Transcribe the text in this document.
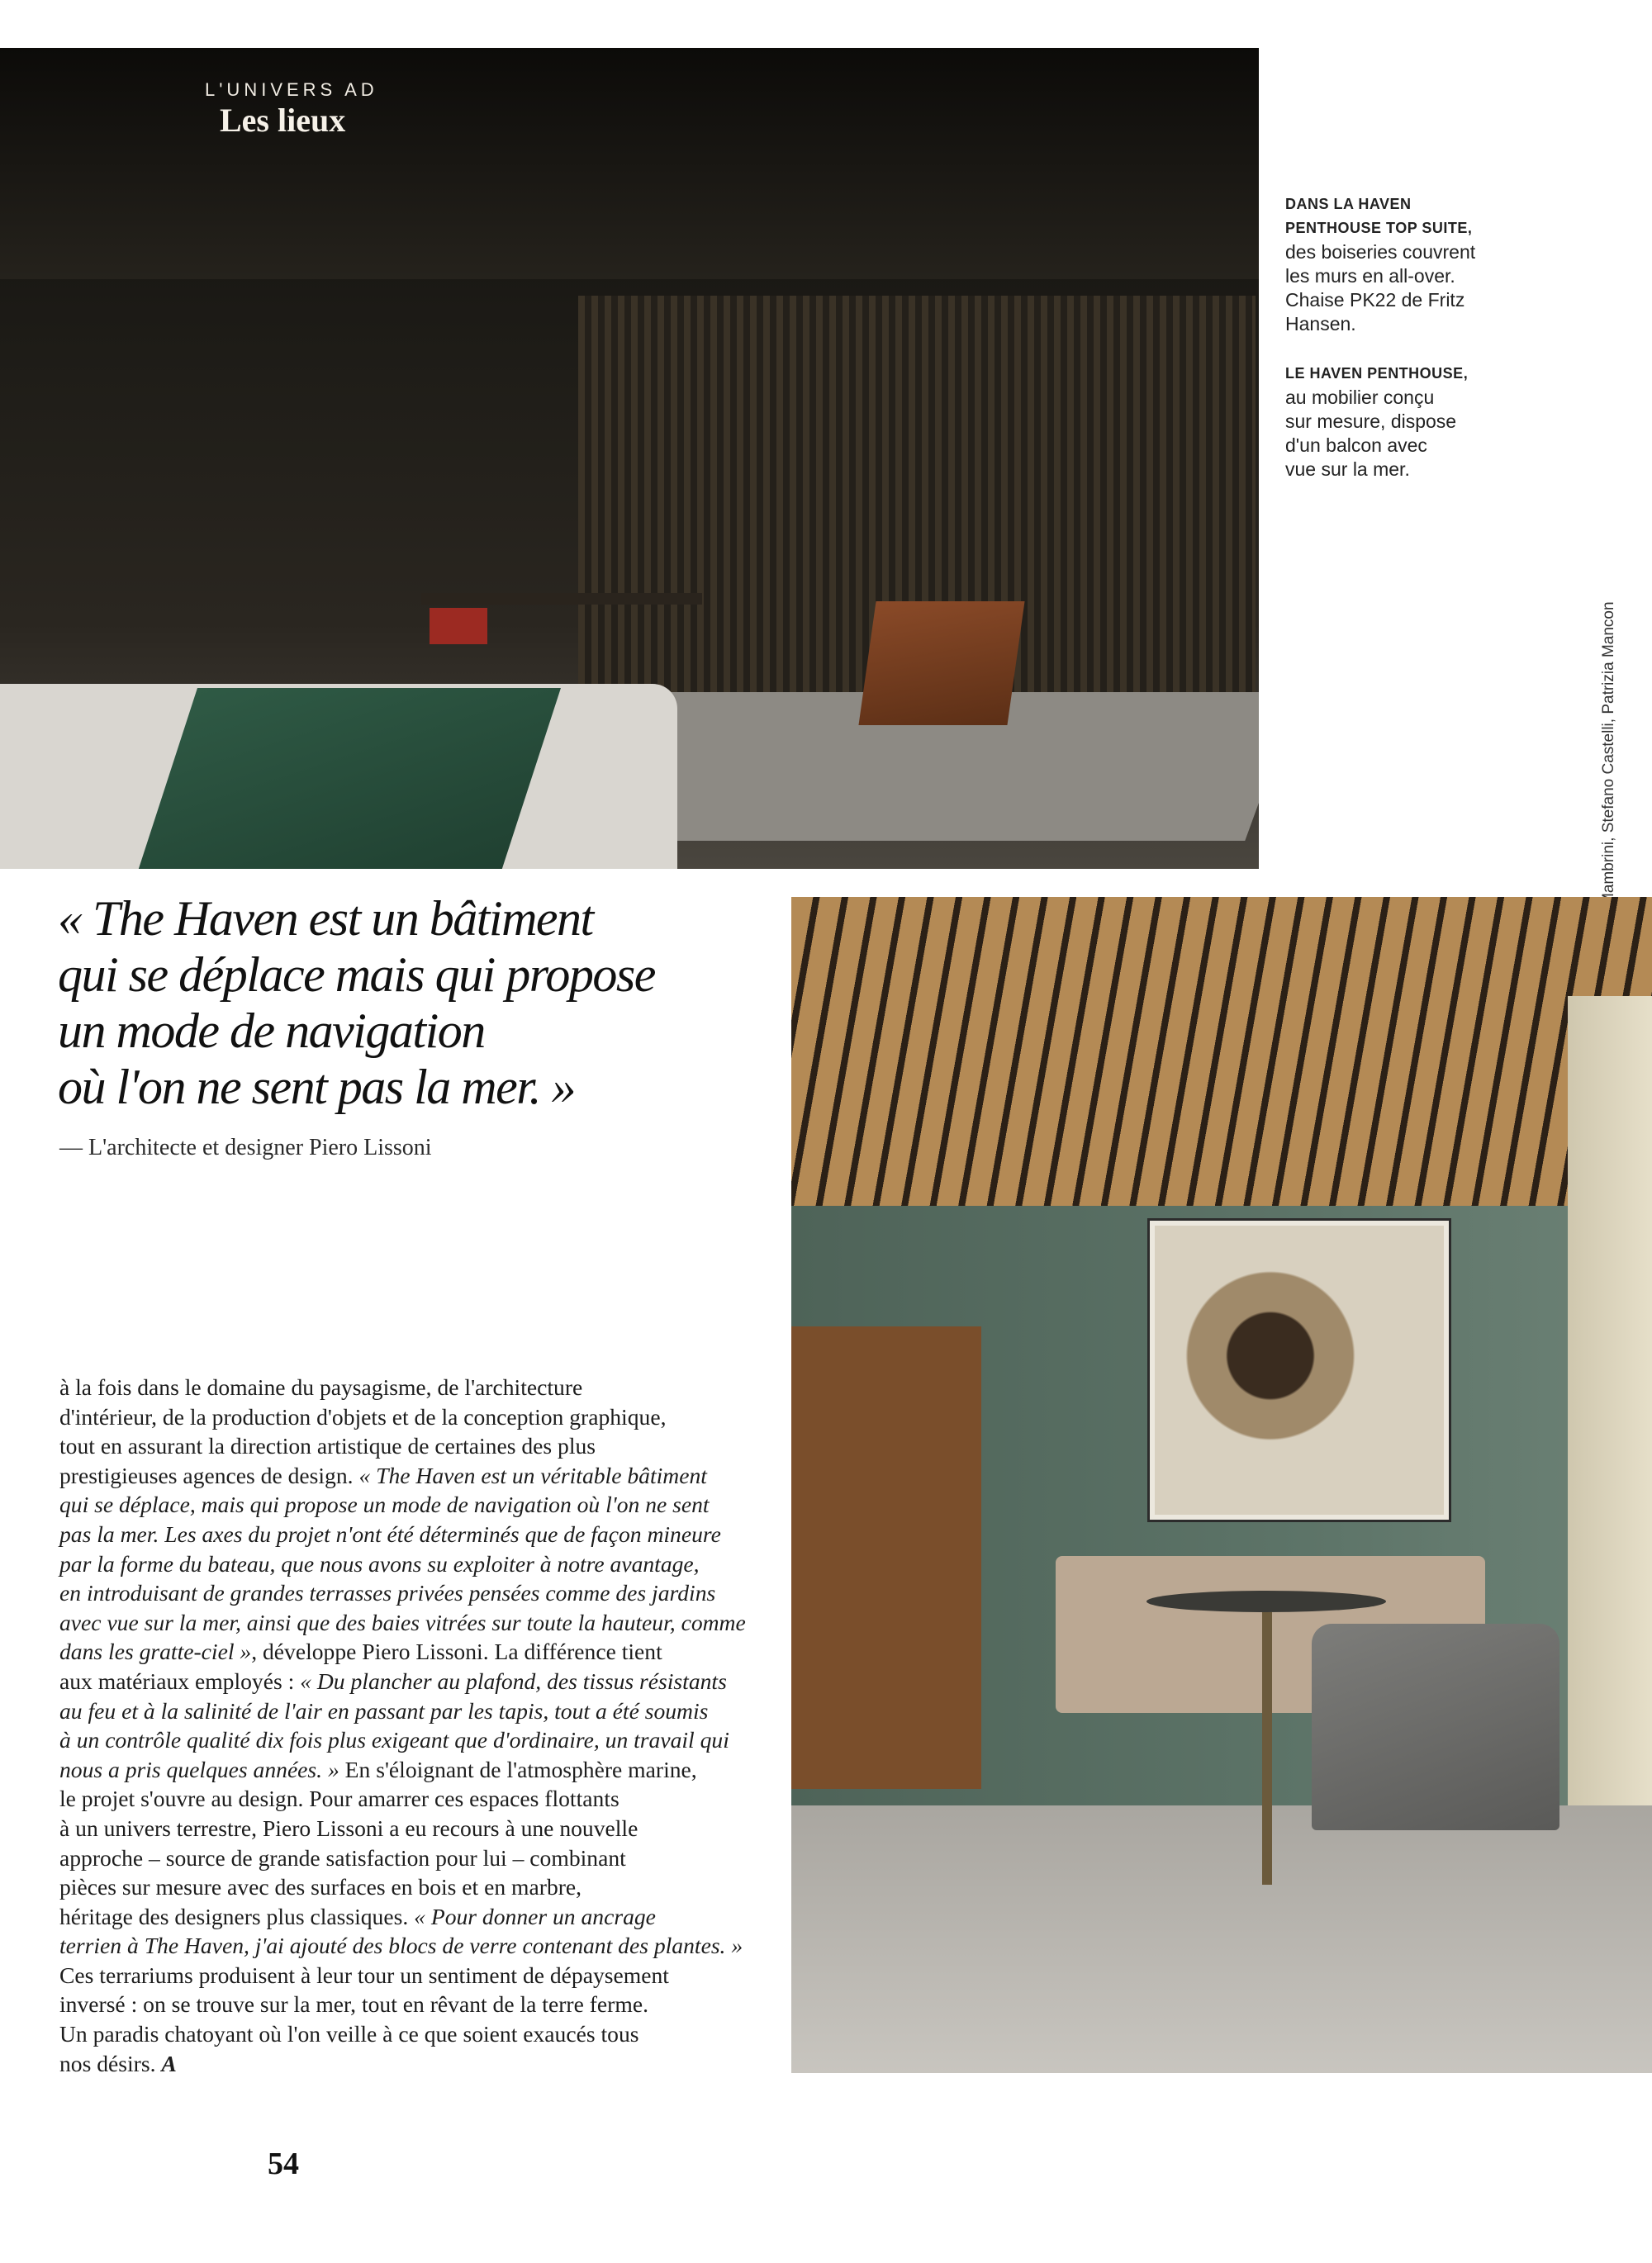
L'UNIVERS AD
Les lieux
DANS LA HAVEN
PENTHOUSE TOP SUITE,
des boiseries couvrent
les murs en all-over.
Chaise PK22 de Fritz
Hansen.
LE HAVEN PENTHOUSE,
au mobilier conçu
sur mesure, dispose
d'un balcon avec
vue sur la mer.
« The Haven est un bâtiment
qui se déplace mais qui propose
un mode de navigation
où l'on ne sent pas la mer. »
— L'architecte et designer Piero Lissoni
à la fois dans le domaine du paysagisme, de l'architecture
d'intérieur, de la production d'objets et de la conception graphique,
tout en assurant la direction artistique de certaines des plus
prestigieuses agences de design. « The Haven est un véritable bâtiment
qui se déplace, mais qui propose un mode de navigation où l'on ne sent
pas la mer. Les axes du projet n'ont été déterminés que de façon mineure
par la forme du bateau, que nous avons su exploiter à notre avantage,
en introduisant de grandes terrasses privées pensées comme des jardins
avec vue sur la mer, ainsi que des baies vitrées sur toute la hauteur, comme
dans les gratte-ciel », développe Piero Lissoni. La différence tient
aux matériaux employés : « Du plancher au plafond, des tissus résistants
au feu et à la salinité de l'air en passant par les tapis, tout a été soumis
à un contrôle qualité dix fois plus exigeant que d'ordinaire, un travail qui
nous a pris quelques années. » En s'éloignant de l'atmosphère marine,
le projet s'ouvre au design. Pour amarrer ces espaces flottants
à un univers terrestre, Piero Lissoni a eu recours à une nouvelle
approche – source de grande satisfaction pour lui – combinant
pièces sur mesure avec des surfaces en bois et en marbre,
héritage des designers plus classiques. « Pour donner un ancrage
terrien à The Haven, j'ai ajouté des blocs de verre contenant des plantes. »
Ces terrariums produisent à leur tour un sentiment de dépaysement
inversé : on se trouve sur la mer, tout en rêvant de la terre ferme.
Un paradis chatoyant où l'on veille à ce que soient exaucés tous
nos désirs. A
54
